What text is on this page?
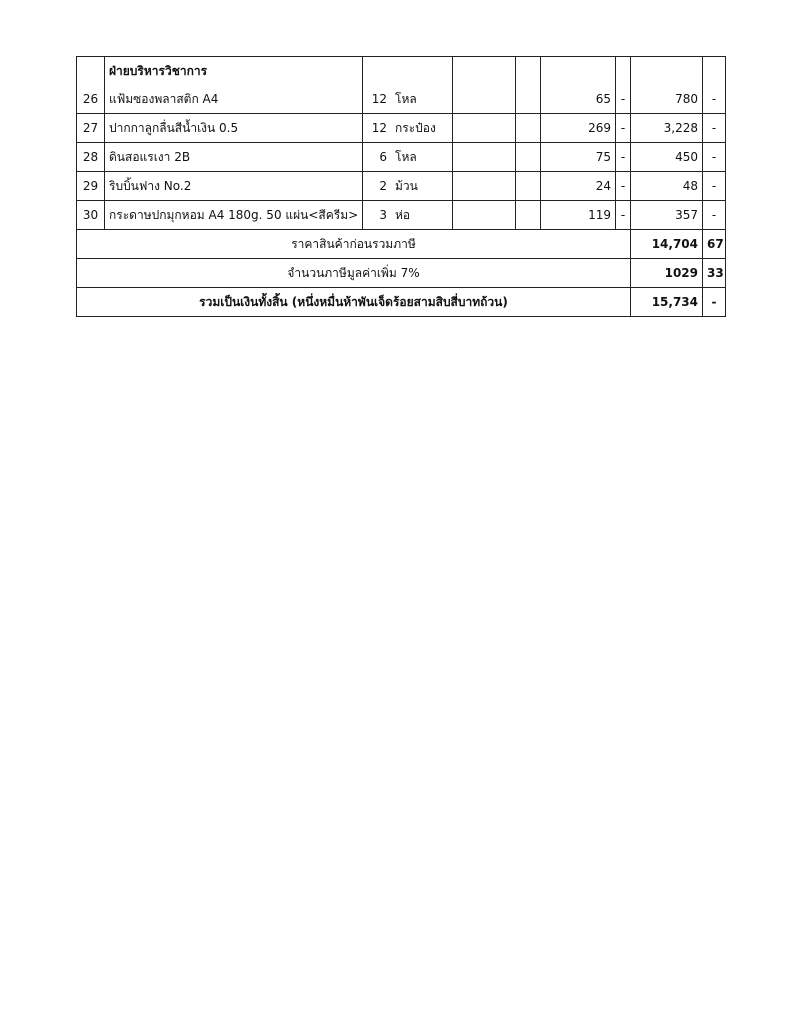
	ฝ่ายบริหารวิชาการ							
26	แฟ้มซองพลาสติก A4	12 โหล			65	-	780	-
27	ปากกาลูกลื่นสีน้ำเงิน 0.5	12 กระป๋อง			269	-	3,228	-
28	ดินสอแรเงา 2B	6 โหล			75	-	450	-
29	ริบบิ้นฟาง No.2	2 ม้วน			24	-	48	-
30	กระดาษปกมุกหอม A4 180g. 50 แผ่น<สีครีม>	3 ห่อ			119	-	357	-
ราคาสินค้าก่อนรวมภาษี							14,704	67
จำนวนภาษีมูลค่าเพิ่ม 7%							1029	33
รวมเป็นเงินทั้งสิ้น (หนึ่งหมื่นห้าพันเจ็ดร้อยสามสิบสี่บาทถ้วน)							15,734	-
